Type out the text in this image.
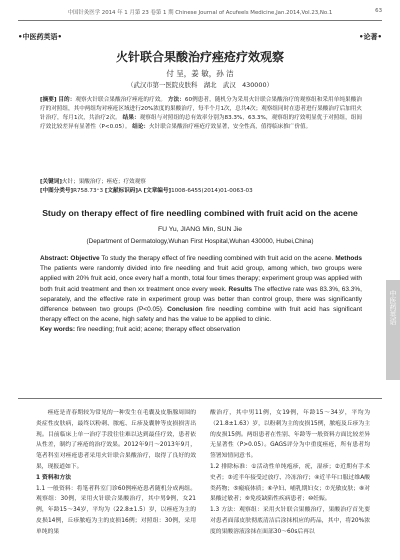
中国针灸医学 2014 年 1 月第 23 卷第 1 期 Chinese Journal of Acufeels Medicine,Jan.2014,Vol.23,No.1	63
•中医药英语•	•论著•
火针联合果酸治疗痤疮疗效观察
付 呈，姜 敏，孙 洁
（武汉市第一医院皮肤科　湖北　武汉　430000）
[摘要] 目的：观察火针联合果酸治疗痤疮的疗效。 方法：60例患者，随机分为采用火针联合果酸治疗的观察组和采用单纯果酸治疗的对照组，其中两组均对痤疮区域进行20%浓度的果酸治疗，每半个月1次，总共4次；观察组同时在患者进行果酸治疗后加用火针治疗，每月1次，共治疗2次。 结果：观察组与对照组的总有效率分别为83.3%，63.3%，观察组的疗效明显优于对照组，组间疗效比较差异有显著性（P<0.05）。 结论：火针联合果酸治疗痤疮疗效显著，安全性高，值得临床推广价值。
[关键词]火针；果酸治疗；痤疮；疗效观察
[中图分类号]R758.73⁺3 [文献标识码]A [文章编号]1008-6455(2014)01-0063-03
Study on therapy effect of fire needling combined with fruit acid on the acene
FU Yu, JIANG Min, SUN Jie
(Department of Dermatology,Wuhan First Hospital,Wuhan 430000, Hubei,China)
Abstract: Objective To study the therapy effect of fire needling combined with fruit acid on the acene. Methods The patients were randomly divided into fire needling and fruit acid group, among which, two groups were applied with 20% fruit acid, once every half a month, total four times therapy; experiment group was applied with both fruit acid treatment and then xx treatment once every week. Results The effective rate was 83.3%, 63.3%, separately, and the effective rate in experiment group was better than control group, there was significantly difference between two groups (P<0.05). Conclusion fire needling combine with fruit acid has significant therapy effect on the acene, high safety and has the value to be applied to clinic.
Key words: fire needling; fruit acid; acene; therapy effect observation
痤疮是青春期较为常见的一种发生在毛囊及皮脂腺周围的炎症性皮肤病，最终以粉刺、脓疱、丘疹及囊肿等皮损损害出现。目前临床上单一治疗手段往往难以达到最佳疗效，患者依从性差，制约了痤疮的治疗效果。2012年9月～2013年9月，笔者科室对痤疮患者采用火针联合果酸治疗，取得了良好的效果，现报道如下。
1 资料和方法
1.1 一般资料：将笔者科室门诊60例痤疮患者随机分成两组。观察组：30例，采用火针联合果酸治疗，其中男9例，女21例，年龄15～34岁，平均为（22.8±1.5）岁，以痤疮为主的皮损14例，丘疹脓疱为主的皮损16例；对照组：30例，采用单纯的果
酸治疗，其中男11例，女19例，年龄15～34岁，平均为（21.8±1.63）岁，以粉刺为主的皮损15例，脓疱及丘疹为主的皮损15例。两组患者在性别、年龄等一般资料方面比较差异无显著性（P>0.05）。GAGS评分为中重度痤疮，所有患者均签署知情同意书。
1.2 排除标准：①活动性单纯疱疹，疣，湿疹；②近期有手术史者；③近半年接受过放疗、冷冻治疗；④近半年口服过维A酸类药物；⑤瘢痕体质；⑥孕妇、哺乳期妇女；⑦光敏皮肤；⑧对果酸过敏者；⑨免疫缺陷性疾病患者；⑩妊娠。
1.3 方法：观察组：采用火针联合果酸治疗，果酸治疗首先要对患者面部皮肤彻底清洁后涂抹相应的药品，其中，将20%浓度的果酸溶液涂抹在面部30～60s后再以
中医药英语
